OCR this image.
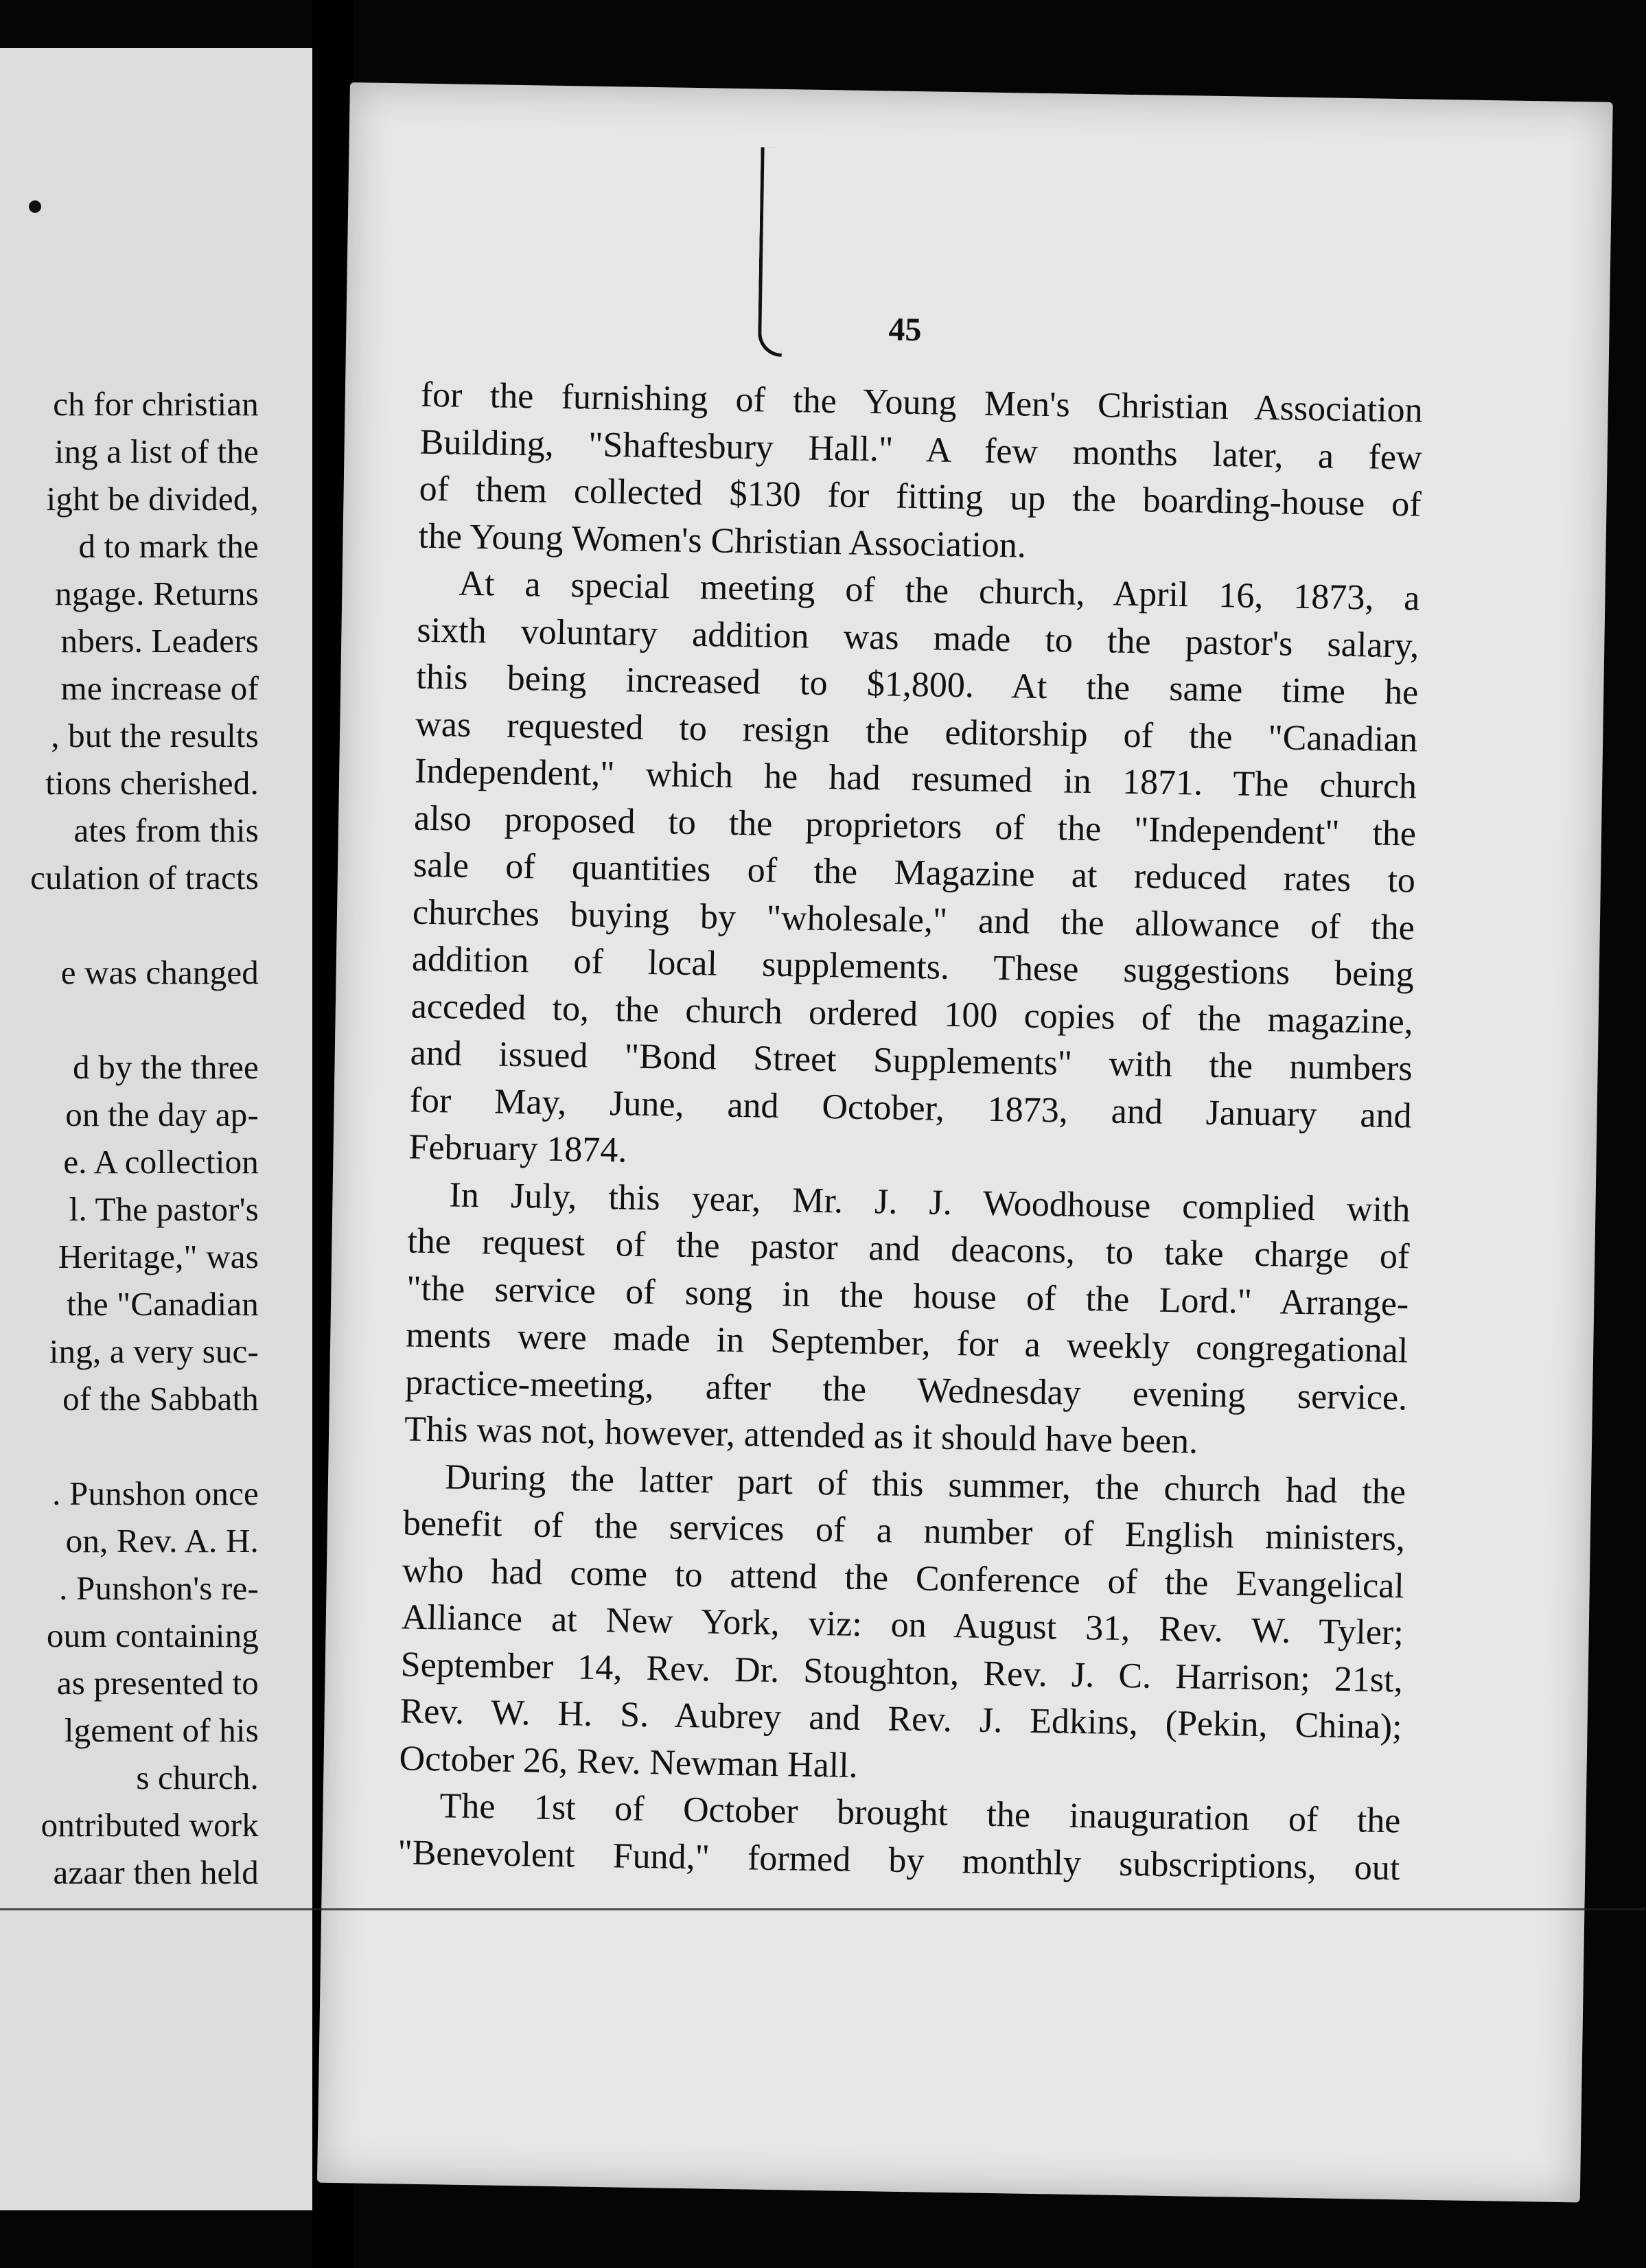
ch for christian
ing a list of the
ight be divided,
d to mark the
ngage. Returns
nbers. Leaders
me increase of
, but the results
tions cherished.
ates from this
culation of tracts
e was changed
d by the three
on the day ap-
e. A collection
l. The pastor's
Heritage," was
the "Canadian
ing, a very suc-
of the Sabbath
. Punshon once
on, Rev. A. H.
. Punshon's re-
oum containing
as presented to
lgement of his
s church.
ontributed work
azaar then held
45
for the furnishing of the Young Men's Christian Association
Building, "Shaftesbury Hall." A few months later, a few
of them collected $130 for fitting up the boarding-house of
the Young Women's Christian Association.
At a special meeting of the church, April 16, 1873, a
sixth voluntary addition was made to the pastor's salary,
this being increased to $1,800. At the same time he
was requested to resign the editorship of the "Canadian
Independent," which he had resumed in 1871. The church
also proposed to the proprietors of the "Independent" the
sale of quantities of the Magazine at reduced rates to
churches buying by "wholesale," and the allowance of the
addition of local supplements. These suggestions being
acceded to, the church ordered 100 copies of the magazine,
and issued "Bond Street Supplements" with the numbers
for May, June, and October, 1873, and January and
February 1874.
In July, this year, Mr. J. J. Woodhouse complied with
the request of the pastor and deacons, to take charge of
"the service of song in the house of the Lord." Arrange-
ments were made in September, for a weekly congregational
practice-meeting, after the Wednesday evening service.
This was not, however, attended as it should have been.
During the latter part of this summer, the church had the
benefit of the services of a number of English ministers,
who had come to attend the Conference of the Evangelical
Alliance at New York, viz: on August 31, Rev. W. Tyler;
September 14, Rev. Dr. Stoughton, Rev. J. C. Harrison; 21st,
Rev. W. H. S. Aubrey and Rev. J. Edkins, (Pekin, China);
October 26, Rev. Newman Hall.
The 1st of October brought the inauguration of the
"Benevolent Fund," formed by monthly subscriptions, out
